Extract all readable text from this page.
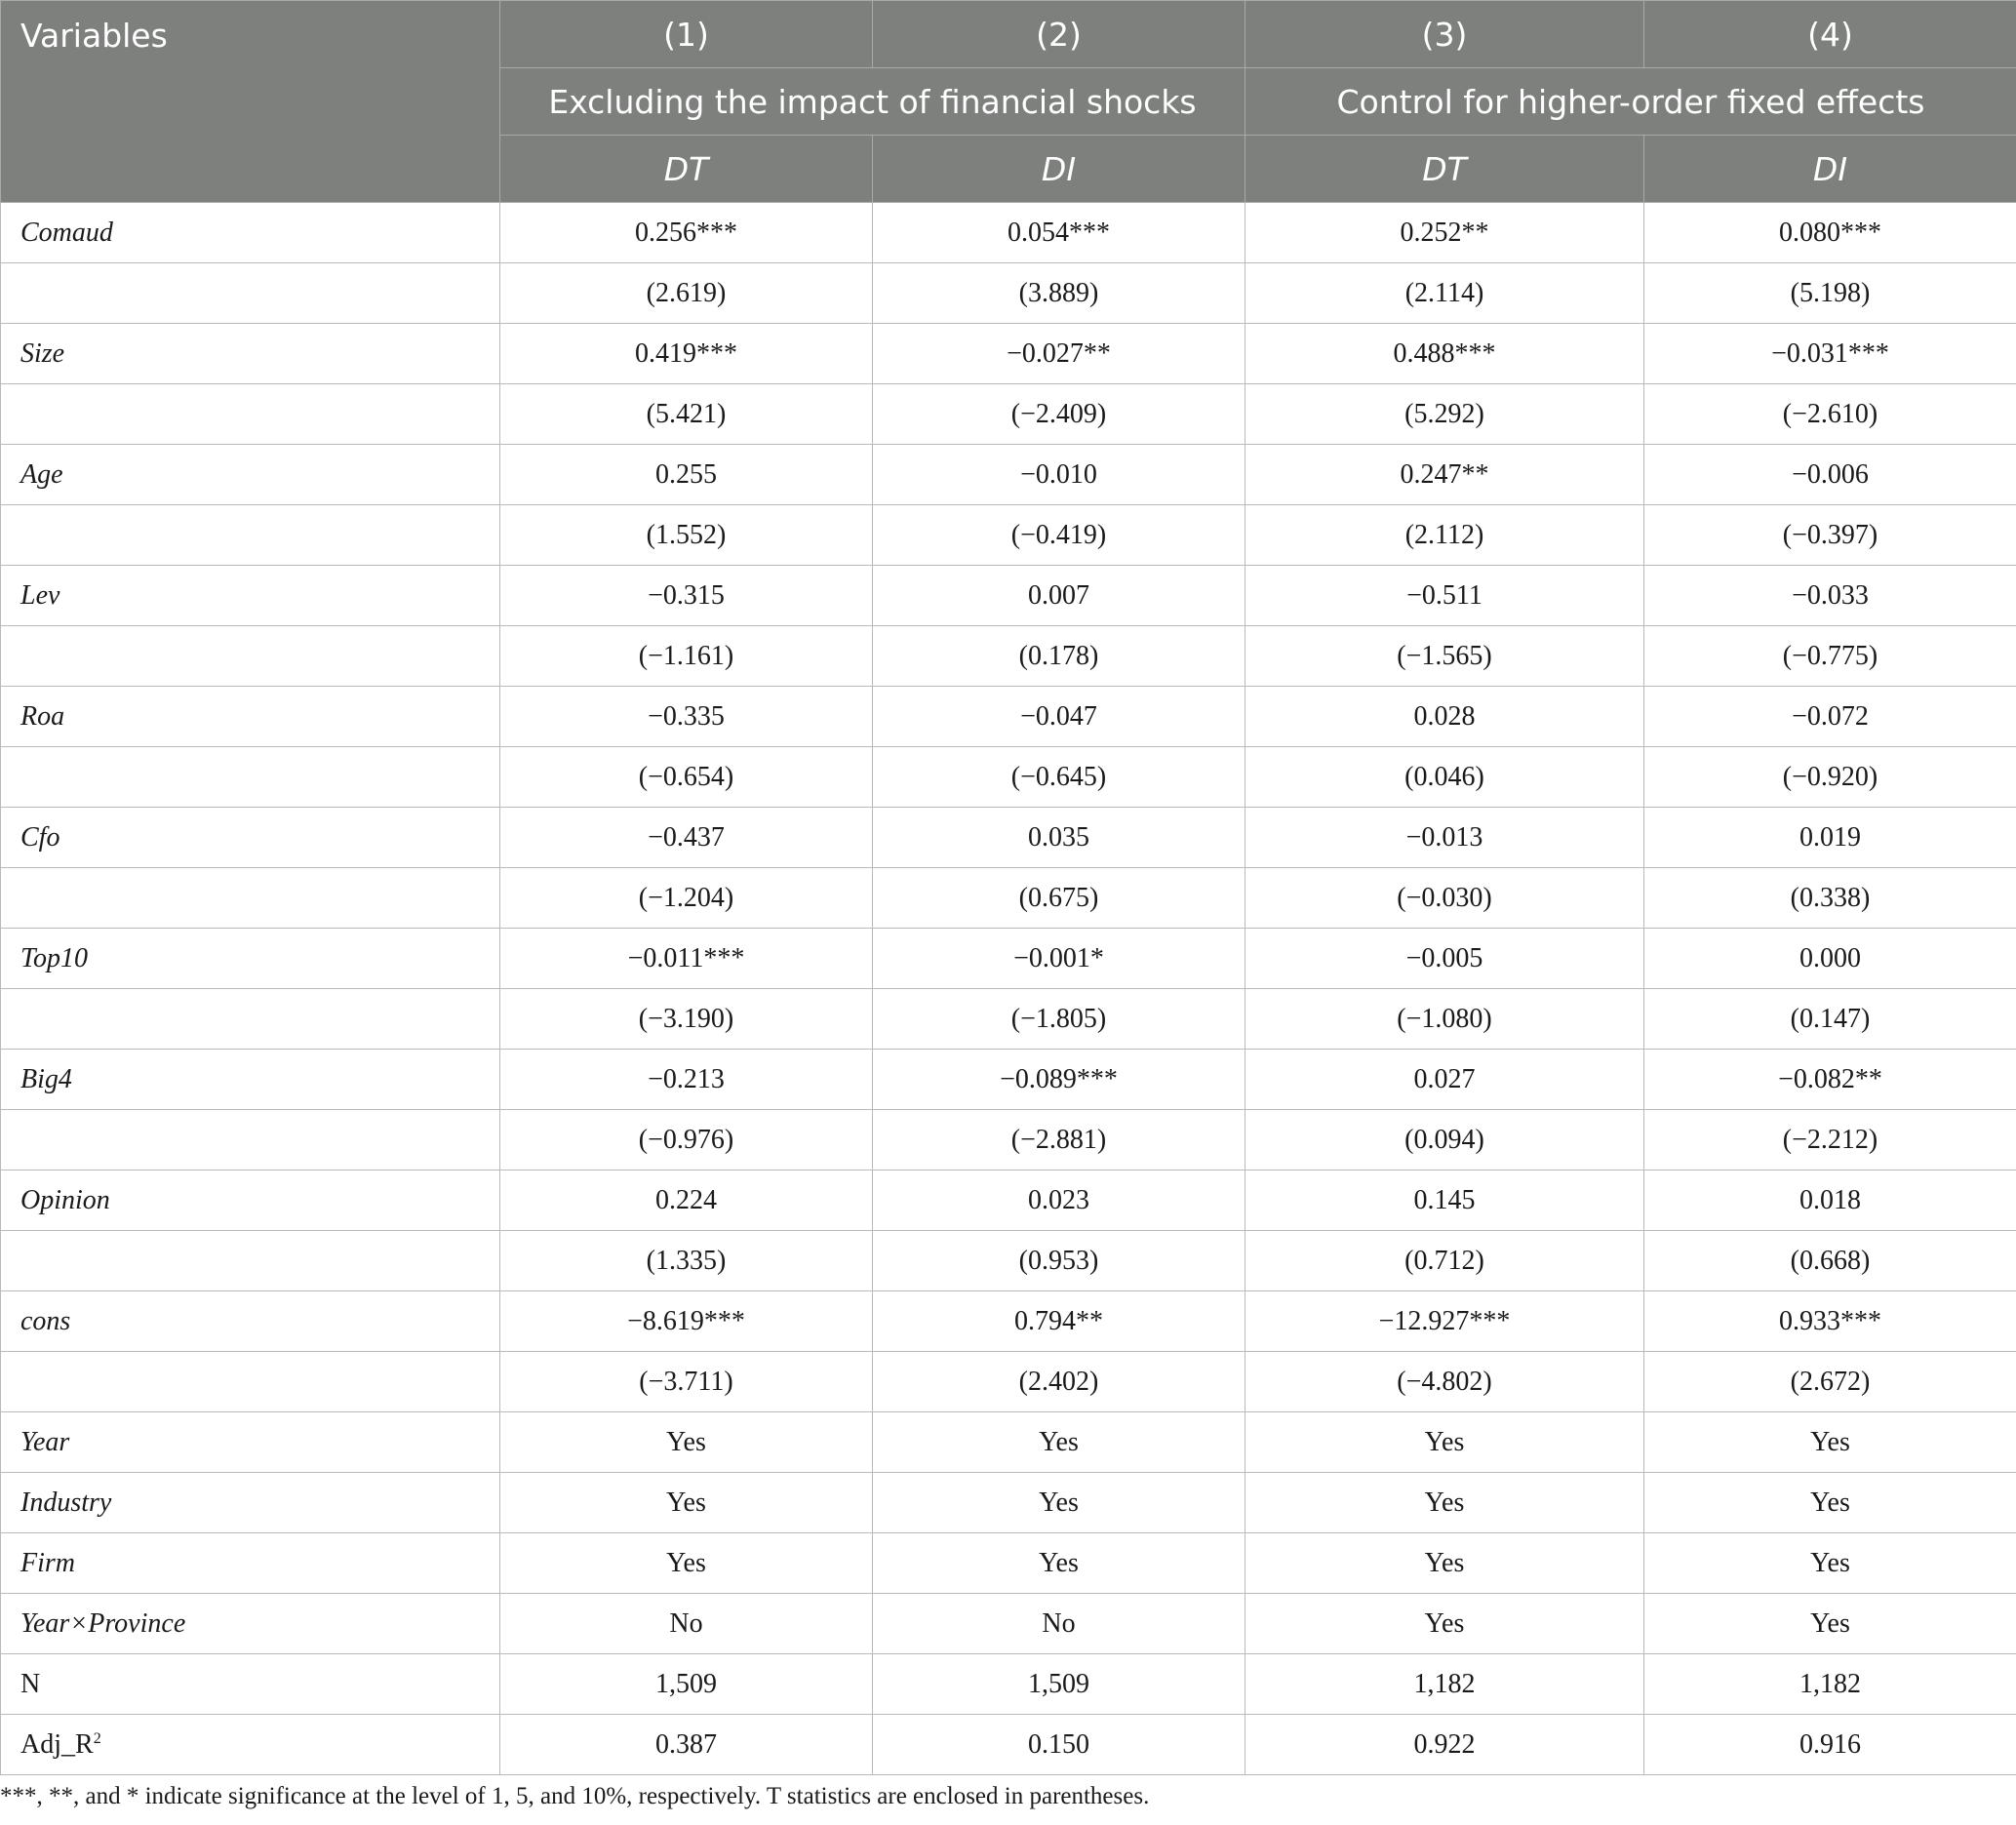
Variables	(1)	(2)	(3)	(4)
	Excluding the impact of financial shocks		Control for higher-order fixed effects	
	DT	DI	DT	DI
Comaud	0.256***	0.054***	0.252**	0.080***
	(2.619)	(3.889)	(2.114)	(5.198)
Size	0.419***	−0.027**	0.488***	−0.031***
	(5.421)	(−2.409)	(5.292)	(−2.610)
Age	0.255	−0.010	0.247**	−0.006
	(1.552)	(−0.419)	(2.112)	(−0.397)
Lev	−0.315	0.007	−0.511	−0.033
	(−1.161)	(0.178)	(−1.565)	(−0.775)
Roa	−0.335	−0.047	0.028	−0.072
	(−0.654)	(−0.645)	(0.046)	(−0.920)
Cfo	−0.437	0.035	−0.013	0.019
	(−1.204)	(0.675)	(−0.030)	(0.338)
Top10	−0.011***	−0.001*	−0.005	0.000
	(−3.190)	(−1.805)	(−1.080)	(0.147)
Big4	−0.213	−0.089***	0.027	−0.082**
	(−0.976)	(−2.881)	(0.094)	(−2.212)
Opinion	0.224	0.023	0.145	0.018
	(1.335)	(0.953)	(0.712)	(0.668)
cons	−8.619***	0.794**	−12.927***	0.933***
	(−3.711)	(2.402)	(−4.802)	(2.672)
Year	Yes	Yes	Yes	Yes
Industry	Yes	Yes	Yes	Yes
Firm	Yes	Yes	Yes	Yes
Year×Province	No	No	Yes	Yes
N	1,509	1,509	1,182	1,182
$Adj\_R^2$	0.387	0.150	0.922	0.916
***, **, and * indicate significance at the level of 1, 5, and 10%, respectively. T statistics are enclosed in parentheses.
